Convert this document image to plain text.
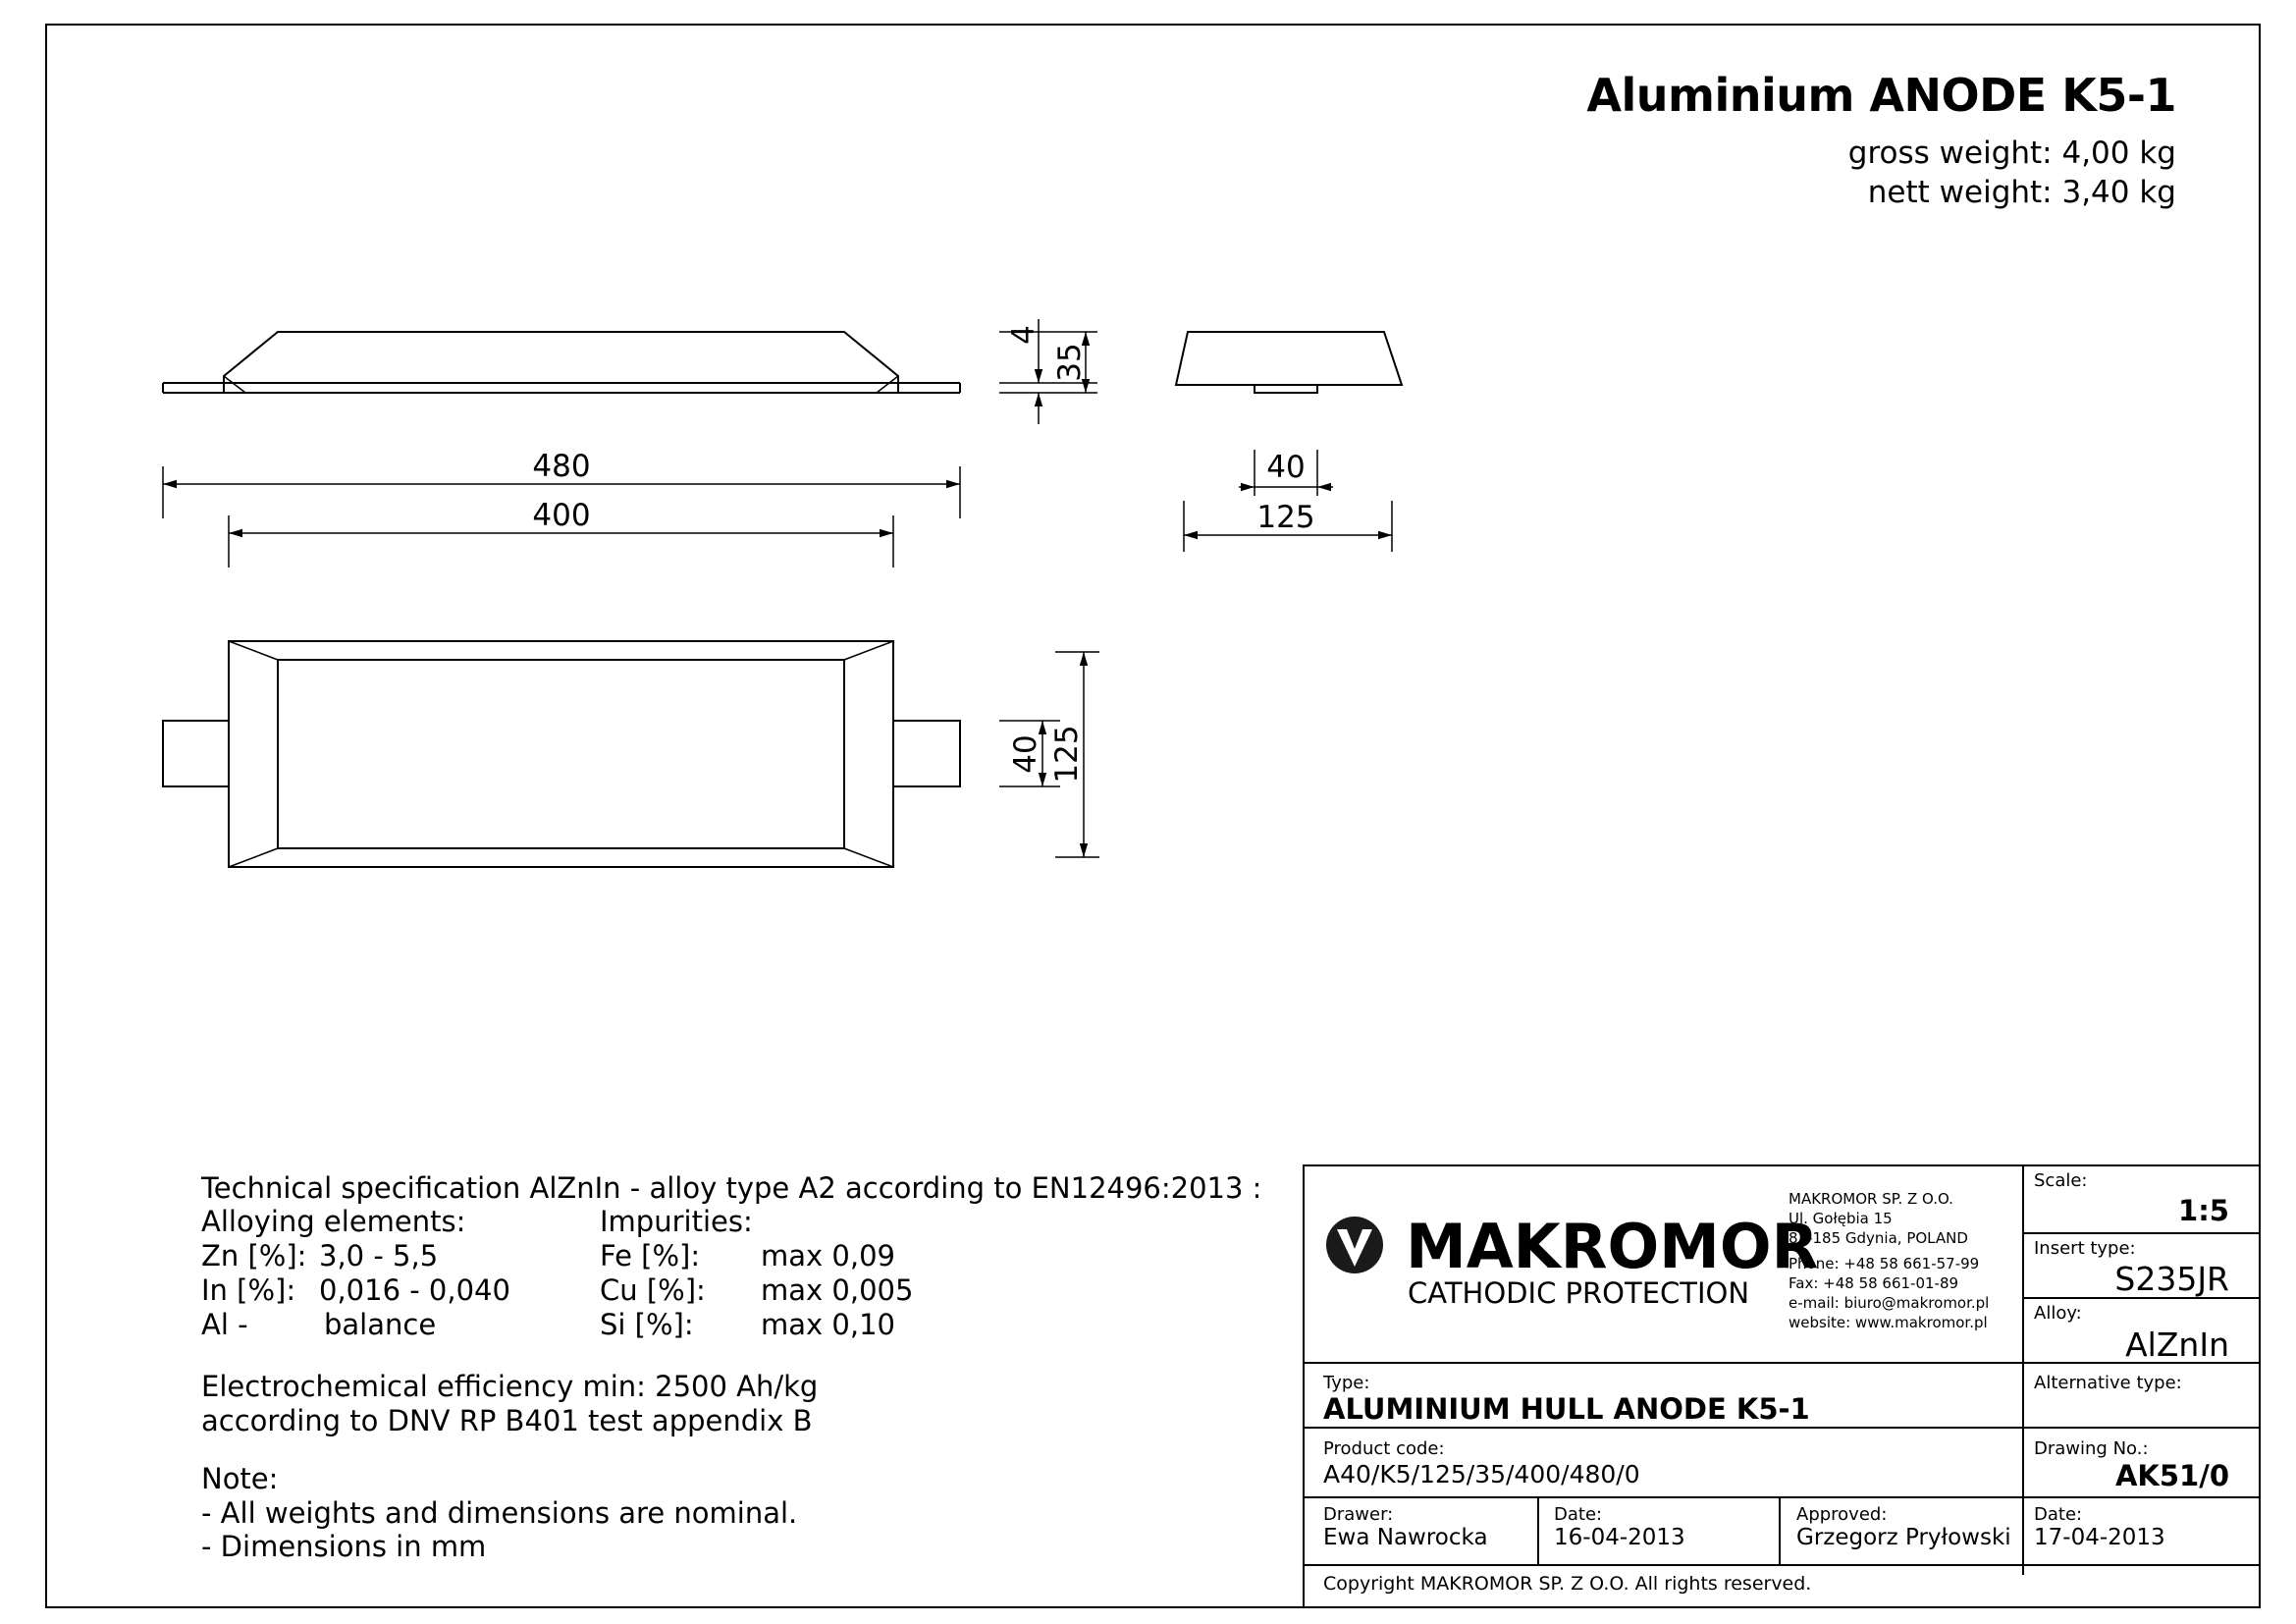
480
400
35
4
40
125
40 125
Aluminium ANODE K5-1
gross weight: 4,00 kg
nett weight: 3,40 kg
Technical specification AlZnIn - alloy type A2 according to EN12496:2013 :
Alloying elements:	Impurities:
Zn [%]: 3,0 - 5,5
In [%]: 0,016 - 0,040
Al -	balance
Fe [%]: max 0,09
Cu [%]: max 0,005
Si [%]: max 0,10
Electrochemical efficiency min: 2500 Ah/kg
according to DNV RP B401 test appendix B
Note:
- All weights and dimensions are nominal.
- Dimensions in mm
MAKROMOR
CATHODIC PROTECTION
MAKROMOR SP. Z O.O.
Ul. Gołębia 15
81-185 Gdynia, POLAND
Phone: +48 58 661-57-99
Fax: +48 58 661-01-89
e-mail: biuro@makromor.pl
website: www.makromor.pl
Scale:
1:5
Insert type:
S235JR
Alloy:
AlZnIn
Alternative type:
Type:
ALUMINIUM HULL ANODE K5-1
Product code:
A40/K5/125/35/400/480/0
Drawing No.:
AK51/0
Drawer:
Ewa Nawrocka
Date:
16-04-2013
Approved:
Grzegorz Pryłowski
Date:
17-04-2013
Copyright MAKROMOR SP. Z O.O. All rights reserved.
